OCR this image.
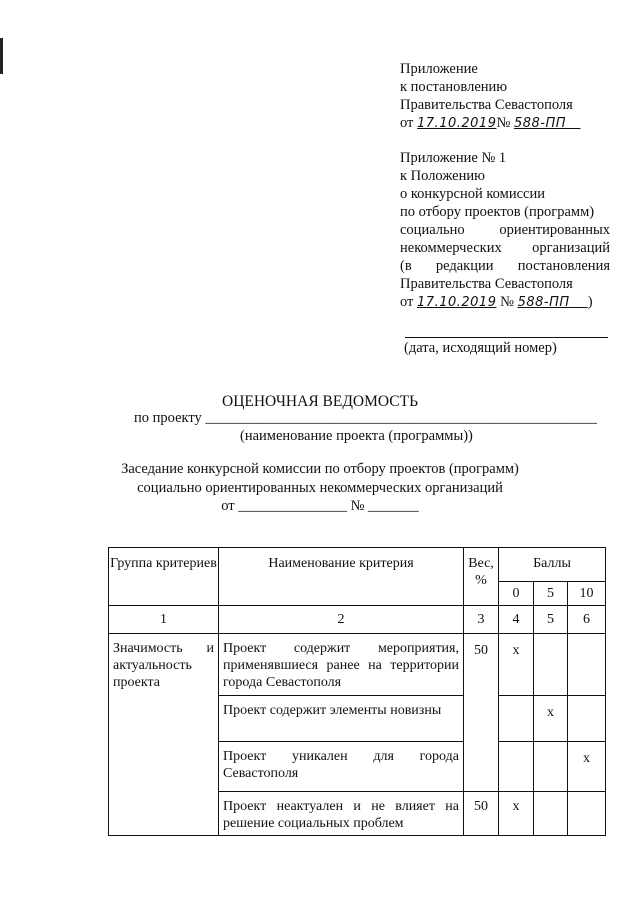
Приложение
к постановлению
Правительства Севастополя
от 17.10.2019№ 588-ПП
Приложение № 1
к Положению
о конкурсной комиссии
по отбору проектов (программ)
социально ориентированных
некоммерческих организаций
(в редакции постановления
Правительства Севастополя
от 17.10.2019 № 588-ПП )
(дата, исходящий номер)
ОЦЕНОЧНАЯ ВЕДОМОСТЬ
по проекту ______________________________________________________
(наименование проекта (программы))
Заседание конкурсной комиссии по отбору проектов (программ)
социально ориентированных некоммерческих организаций
от _______________ № _______
Группа критериев	Наименование критерия	Вес, %	Баллы		
			0	5	10
1	2	3	4	5	6
Значимость и актуальность проекта	Проект содержит мероприятия, применявшиеся ранее на территории города Севастополя	50	х		
	Проект содержит элементы новизны			х	
	Проект уникален для города Севастополя				х
	Проект неактуален и не влияет на решение социальных проблем	50	х		
